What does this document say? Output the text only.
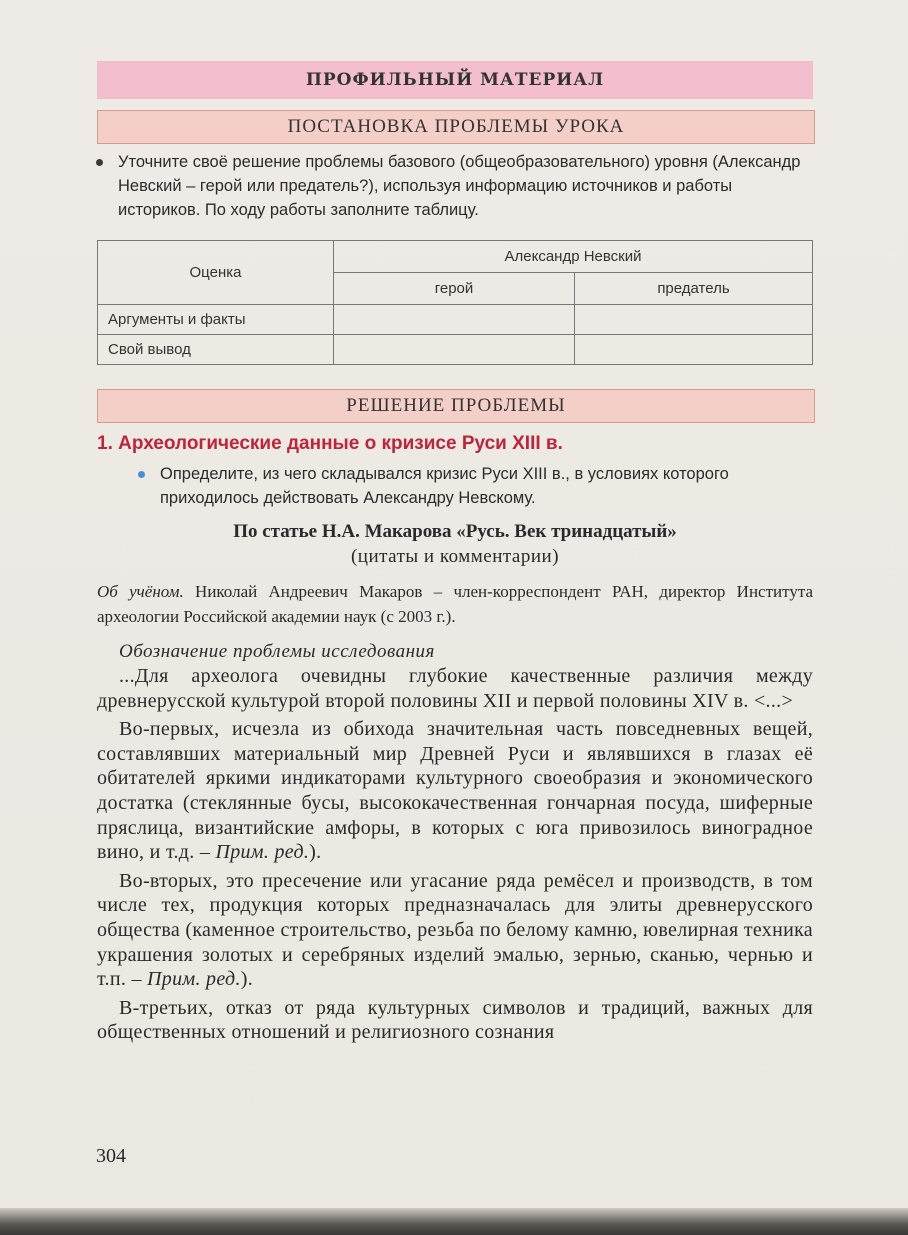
ПРОФИЛЬНЫЙ МАТЕРИАЛ
ПОСТАНОВКА ПРОБЛЕМЫ УРОКА
Уточните своё решение проблемы базового (общеобразовательного) уровня (Александр Невский – герой или предатель?), используя информацию источников и работы историков. По ходу работы заполните таблицу.
Оценка	Александр Невский	
	герой	предатель
Аргументы и факты		
Свой вывод		
РЕШЕНИЕ ПРОБЛЕМЫ
1. Археологические данные о кризисе Руси XIII в.
Определите, из чего складывался кризис Руси XIII в., в условиях которого приходилось действовать Александру Невскому.
По статье Н.А. Макарова «Русь. Век тринадцатый»
(цитаты и комментарии)
Об учёном. Николай Андреевич Макаров – член-корреспондент РАН, директор Института археологии Российской академии наук (с 2003 г.).
Обозначение проблемы исследования

...Для археолога очевидны глубокие качественные различия между древнерусской культурой второй половины XII и первой половины XIV в. <...>

Во-первых, исчезла из обихода значительная часть повседневных вещей, составлявших материальный мир Древней Руси и являвшихся в глазах её обитателей яркими индикаторами культурного своеобразия и экономического достатка (стеклянные бусы, высококачественная гончарная посуда, шиферные пряслица, византийские амфоры, в которых с юга привозилось виноградное вино, и т.д. – Прим. ред.).

Во-вторых, это пресечение или угасание ряда ремёсел и производств, в том числе тех, продукция которых предназначалась для элиты древнерусского общества (каменное строительство, резьба по белому камню, ювелирная техника украшения золотых и серебряных изделий эмалью, зернью, сканью, чернью и т.п. – Прим. ред.).

В-третьих, отказ от ряда культурных символов и традиций, важных для общественных отношений и религиозного сознания

304
